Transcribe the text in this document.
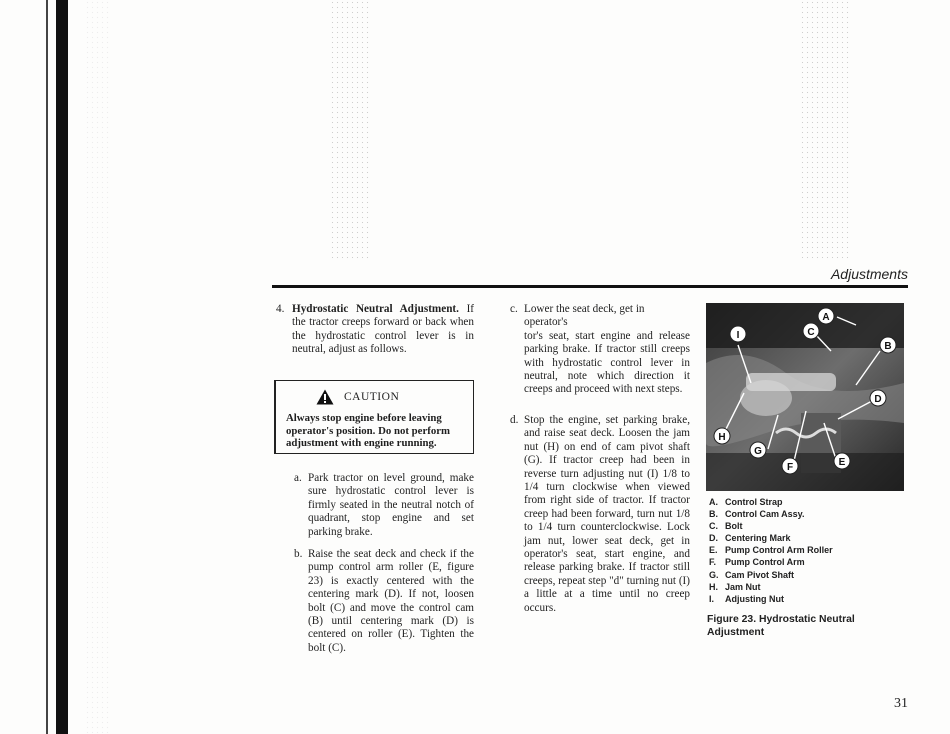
Adjustments
4. Hydrostatic Neutral Adjustment. If the tractor creeps forward or back when the hydrostatic control lever is in neutral, adjust as follows.

CAUTION
Always stop engine before leaving operator's position. Do not perform adjustment with engine running.
a. Park tractor on level ground, make sure hydrostatic control lever is firmly seated in the neutral notch of quadrant, stop engine and set parking brake.
b. Raise the seat deck and check if the pump control arm roller (E, figure 23) is exactly centered with the centering mark (D). If not, loosen bolt (C) and move the control cam (B) until centering mark (D) is centered on roller (E). Tighten the bolt (C).
c. Lower the seat deck, get in operator's
tor's seat, start engine and release parking brake. If tractor still creeps with hydrostatic control lever in neutral, note which direction it creeps and proceed with next steps.
d. Stop the engine, set parking brake, and raise seat deck. Loosen the jam nut (H) on end of cam pivot shaft (G). If tractor creep had been in reverse turn adjusting nut (I) 1/8 to 1/4 turn clockwise when viewed from right side of tractor. If tractor creep had been forward, turn nut 1/8 to 1/4 turn counterclockwise. Lock jam nut, lower seat deck, get in operator's seat, start engine, and release parking brake. If tractor still creeps, repeat step "d" turning nut (I) a little at a time until no creep occurs.
A
B
C
D
E
F
G
H
I
A. Control Strap
B. Control Cam Assy.
C. Bolt
D. Centering Mark
E. Pump Control Arm Roller
F. Pump Control Arm
G. Cam Pivot Shaft
H. Jam Nut
I. Adjusting Nut
Figure 23. Hydrostatic Neutral Adjustment
31
